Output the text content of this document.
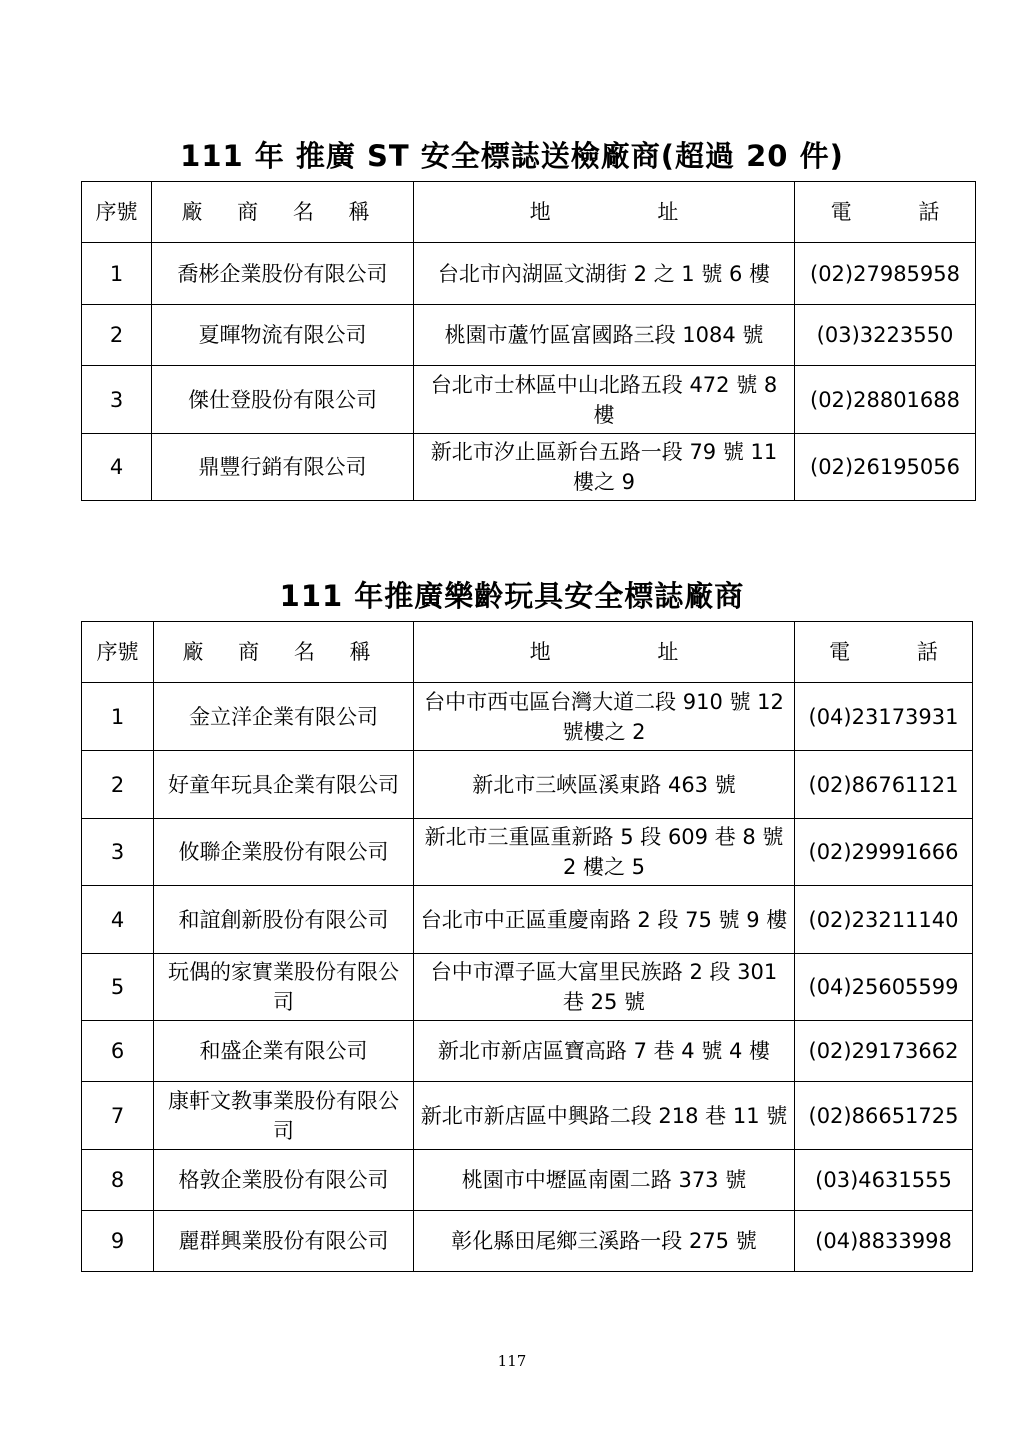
111 年 推廣 ST 安全標誌送檢廠商(超過 20 件)
序號	廠 商 名 稱	地                址	電          話
1	喬彬企業股份有限公司	台北市內湖區文湖街 2 之 1 號 6 樓	(02)27985958
2	夏暉物流有限公司	桃園市蘆竹區富國路三段 1084 號	(03)3223550
3	傑仕登股份有限公司	台北市士林區中山北路五段 472 號 8 樓	(02)28801688
4	鼎豐行銷有限公司	新北市汐止區新台五路一段 79 號 11 樓之 9	(02)26195056
111 年推廣樂齡玩具安全標誌廠商
序號	廠 商 名 稱	地                址	電          話
1	金立洋企業有限公司	台中市西屯區台灣大道二段 910 號 12 號樓之 2	(04)23173931
2	好童年玩具企業有限公司	新北市三峽區溪東路 463 號	(02)86761121
3	攸聯企業股份有限公司	新北市三重區重新路 5 段 609 巷 8 號 2 樓之 5	(02)29991666
4	和誼創新股份有限公司	台北市中正區重慶南路 2 段 75 號 9 樓	(02)23211140
5	玩偶的家實業股份有限公司	台中市潭子區大富里民族路 2 段 301 巷 25 號	(04)25605599
6	和盛企業有限公司	新北市新店區寶高路 7 巷 4 號 4 樓	(02)29173662
7	康軒文教事業股份有限公司	新北市新店區中興路二段 218 巷 11 號	(02)86651725
8	格敦企業股份有限公司	桃園市中壢區南園二路 373 號	(03)4631555
9	麗群興業股份有限公司	彰化縣田尾鄉三溪路一段 275 號	(04)8833998
117
